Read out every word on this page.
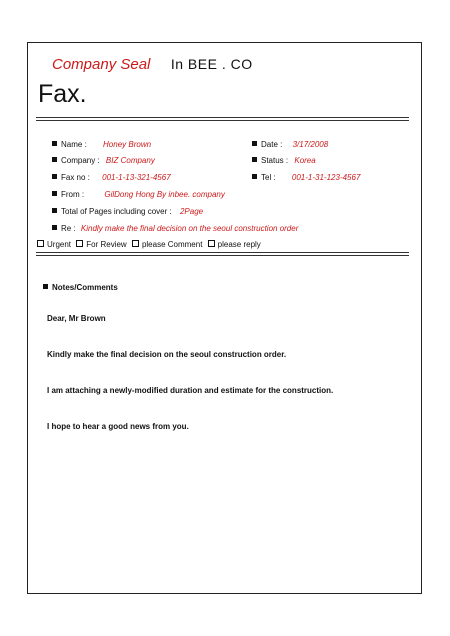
Company Seal In BEE . CO
Fax.
Name : Honey Brown	Date : 3/17/2008
Company : BIZ Company	Status : Korea
Fax no : 001-1-13-321-4567	Tel : 001-1-31-123-4567
From :	GilDong Hong By inbee. company
Total of Pages including cover : 2Page
Re : Kindly make the final decision on the seoul construction order
Urgent For Review please Comment please reply
Notes/Comments

Dear, Mr Brown

Kindly make the final decision on the seoul construction order.

I am attaching a newly-modified duration and estimate for the construction.

I hope to hear a good news from you.
